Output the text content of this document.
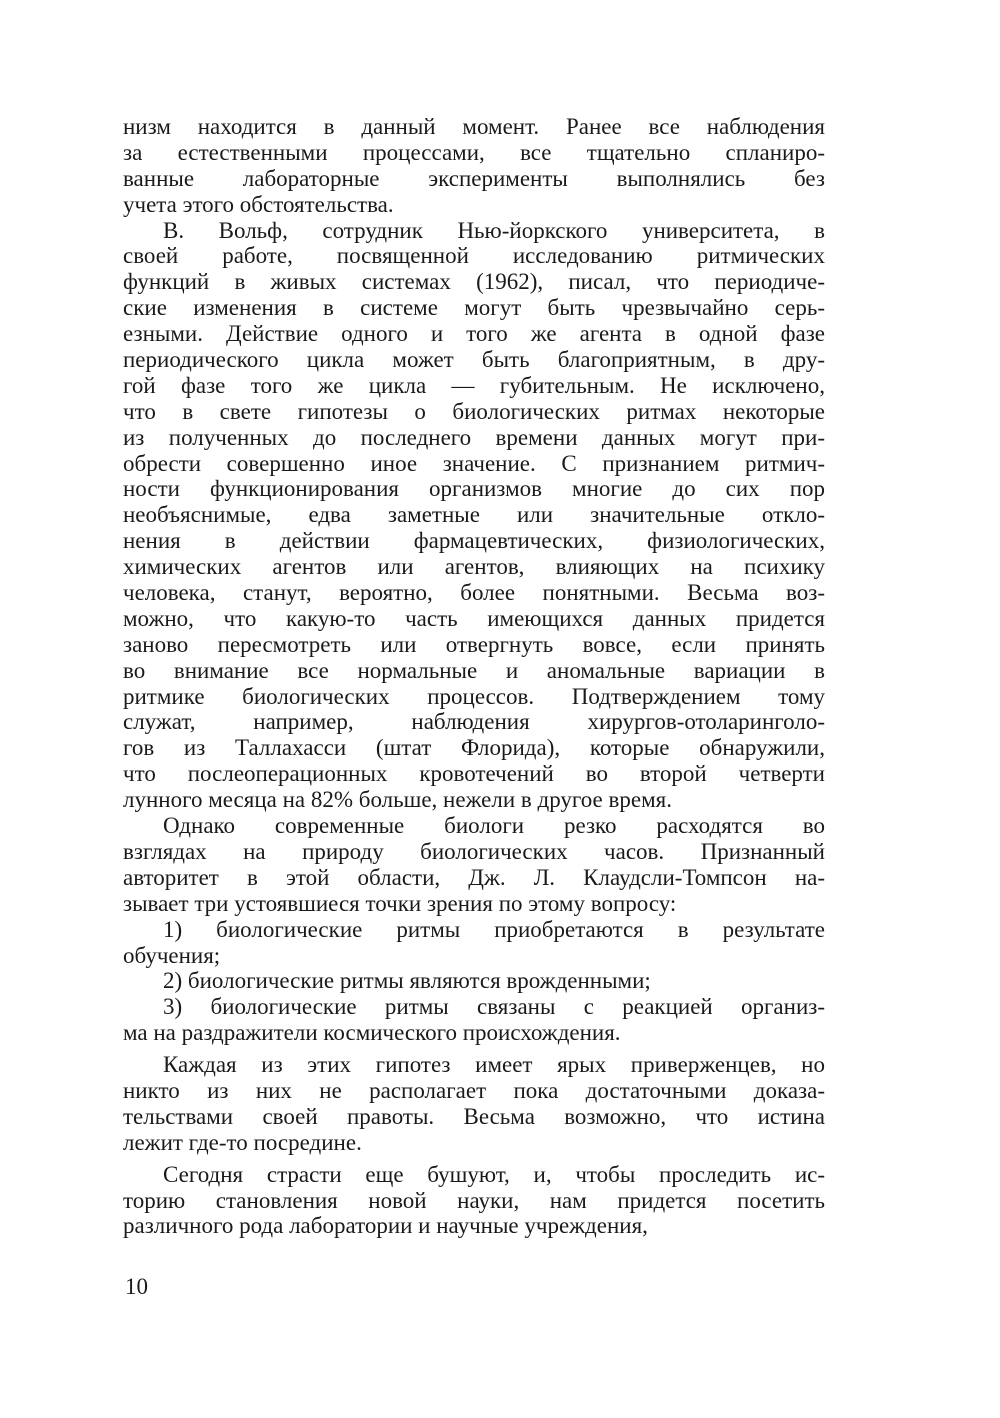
низм находится в данный момент. Ранее все наблюдения
за естественными процессами, все тщательно спланиро-
ванные лабораторные эксперименты выполнялись без
учета этого обстоятельства.
В. Вольф, сотрудник Нью-йоркского университета, в
своей работе, посвященной исследованию ритмических
функций в живых системах (1962), писал, что периодиче-
ские изменения в системе могут быть чрезвычайно серь-
езными. Действие одного и того же агента в одной фазе
периодического цикла может быть благоприятным, в дру-
гой фазе того же цикла — губительным. Не исключено,
что в свете гипотезы о биологических ритмах некоторые
из полученных до последнего времени данных могут при-
обрести совершенно иное значение. С признанием ритмич-
ности функционирования организмов многие до сих пор
необъяснимые, едва заметные или значительные откло-
нения в действии фармацевтических, физиологических,
химических агентов или агентов, влияющих на психику
человека, станут, вероятно, более понятными. Весьма воз-
можно, что какую-то часть имеющихся данных придется
заново пересмотреть или отвергнуть вовсе, если принять
во внимание все нормальные и аномальные вариации в
ритмике биологических процессов. Подтверждением тому
служат, например, наблюдения хирургов-отоларинголо-
гов из Таллахасси (штат Флорида), которые обнаружили,
что послеоперационных кровотечений во второй четверти
лунного месяца на 82% больше, нежели в другое время.
Однако современные биологи резко расходятся во
взглядах на природу биологических часов. Признанный
авторитет в этой области, Дж. Л. Клаудсли-Томпсон на-
зывает три устоявшиеся точки зрения по этому вопросу:
1) биологические ритмы приобретаются в результате
обучения;
2) биологические ритмы являются врожденными;
3) биологические ритмы связаны с реакцией организ-
ма на раздражители космического происхождения.
Каждая из этих гипотез имеет ярых приверженцев, но
никто из них не располагает пока достаточными доказа-
тельствами своей правоты. Весьма возможно, что истина
лежит где-то посредине.
Сегодня страсти еще бушуют, и, чтобы проследить ис-
торию становления новой науки, нам придется посетить
различного рода лаборатории и научные учреждения,
10
